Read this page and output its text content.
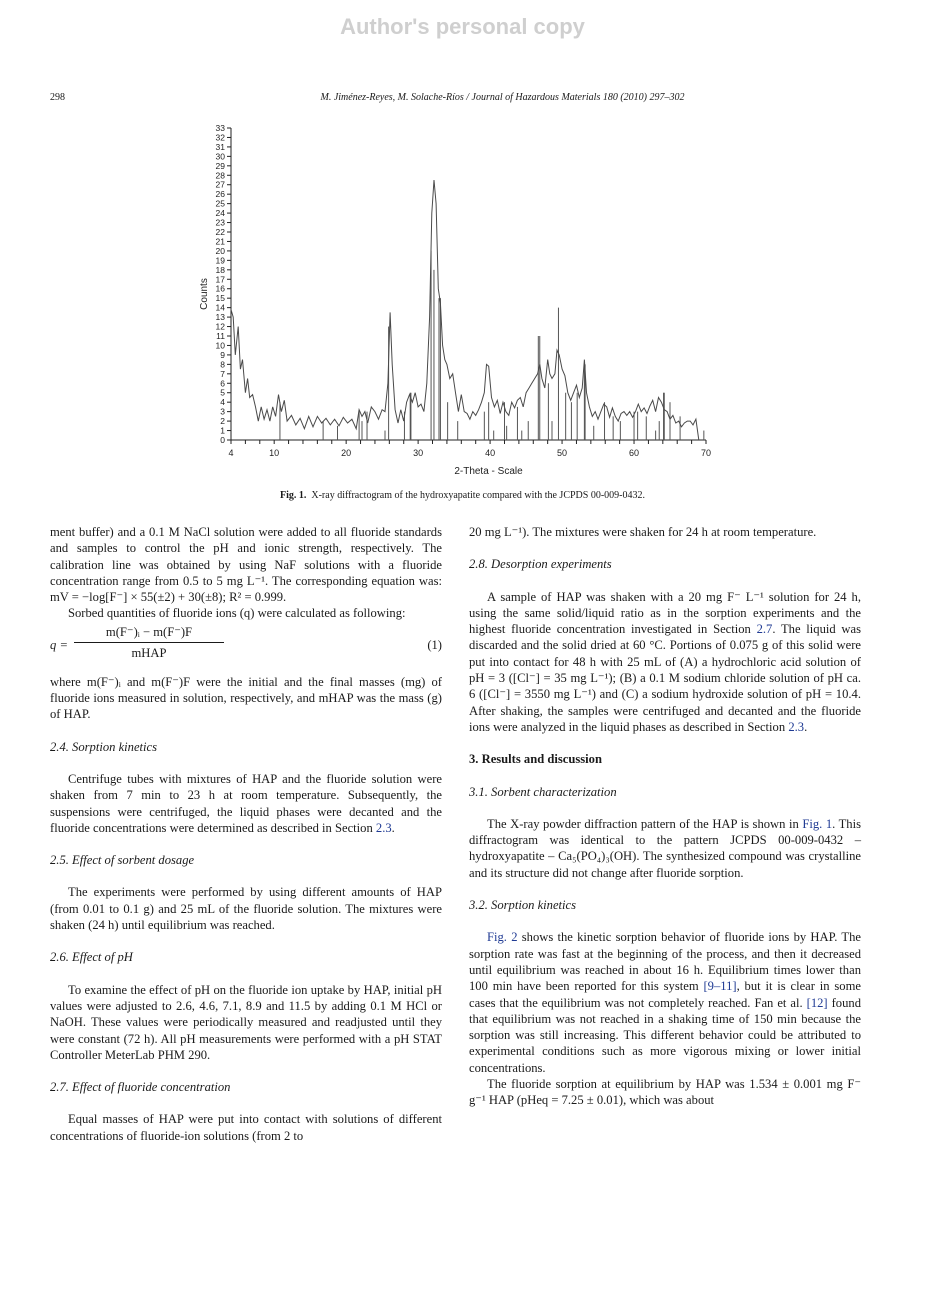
Author's personal copy
298	M. Jiménez-Reyes, M. Solache-Ríos / Journal of Hazardous Materials 180 (2010) 297–302
0
1
2
3
4
5
6
7
8
9
10
11
12
13
14
15
16
17
18
19
20
21
22
23
24
25
26
27
28
29
30
31
32
33
4	10	20	30	40	50	60	70
2-Theta - Scale
Counts
Fig. 1. X-ray diffractogram of the hydroxyapatite compared with the JCPDS 00-009-0432.

ment buffer) and a 0.1 M NaCl solution were added to all fluoride standards and samples to control the pH and ionic strength, respectively. The calibration line was obtained by using NaF solutions with a fluoride concentration range from 0.5 to 5 mg L⁻¹. The corresponding equation was: mV = −log[F⁻] × 55(±2) + 30(±8); R² = 0.999.

Sorbed quantities of fluoride ions (q) were calculated as following:

q =
m(F⁻)ᵢ − m(F⁻)F
mHAP
(1)

where m(F⁻)ᵢ and m(F⁻)F were the initial and the final masses (mg) of fluoride ions measured in solution, respectively, and mHAP was the mass (g) of HAP.

2.4. Sorption kinetics

Centrifuge tubes with mixtures of HAP and the fluoride solution were shaken from 7 min to 23 h at room temperature. Subsequently, the suspensions were centrifuged, the liquid phases were decanted and the fluoride concentrations were determined as described in Section 2.3.

2.5. Effect of sorbent dosage

The experiments were performed by using different amounts of HAP (from 0.01 to 0.1 g) and 25 mL of the fluoride solution. The mixtures were shaken (24 h) until equilibrium was reached.

2.6. Effect of pH

To examine the effect of pH on the fluoride ion uptake by HAP, initial pH values were adjusted to 2.6, 4.6, 7.1, 8.9 and 11.5 by adding 0.1 M HCl or NaOH. These values were periodically measured and readjusted until they were constant (72 h). All pH measurements were performed with a pH STAT Controller MeterLab PHM 290.

2.7. Effect of fluoride concentration

Equal masses of HAP were put into contact with solutions of different concentrations of fluoride-ion solutions (from 2 to

20 mg L⁻¹). The mixtures were shaken for 24 h at room temperature.

2.8. Desorption experiments

A sample of HAP was shaken with a 20 mg F⁻ L⁻¹ solution for 24 h, using the same solid/liquid ratio as in the sorption experiments and the highest fluoride concentration investigated in Section 2.7. The liquid was discarded and the solid dried at 60 °C. Portions of 0.075 g of this solid were put into contact for 48 h with 25 mL of (A) a hydrochloric acid solution of pH = 3 ([Cl⁻] = 35 mg L⁻¹); (B) a 0.1 M sodium chloride solution of pH ca. 6 ([Cl⁻] = 3550 mg L⁻¹) and (C) a sodium hydroxide solution of pH = 10.4. After shaking, the samples were centrifuged and decanted and the fluoride ions were analyzed in the liquid phases as described in Section 2.3.

3. Results and discussion
3.1. Sorbent characterization

The X-ray powder diffraction pattern of the HAP is shown in Fig. 1. This diffractogram was identical to the pattern JCPDS 00-009-0432 – hydroxyapatite – Ca₅(PO₄)₃(OH). The synthesized compound was crystalline and its structure did not change after fluoride sorption.

3.2. Sorption kinetics

Fig. 2 shows the kinetic sorption behavior of fluoride ions by HAP. The sorption rate was fast at the beginning of the process, and then it decreased until equilibrium was reached in about 16 h. Equilibrium times lower than 100 min have been reported for this system [9–11], but it is clear in some cases that the equilibrium was not completely reached. Fan et al. [12] found that equilibrium was not reached in a shaking time of 150 min because the sorption was still increasing. This different behavior could be attributed to experimental conditions such as more vigorous mixing or lower initial concentrations.

The fluoride sorption at equilibrium by HAP was 1.534 ± 0.001 mg F⁻ g⁻¹ HAP (pHeq = 7.25 ± 0.01), which was about
